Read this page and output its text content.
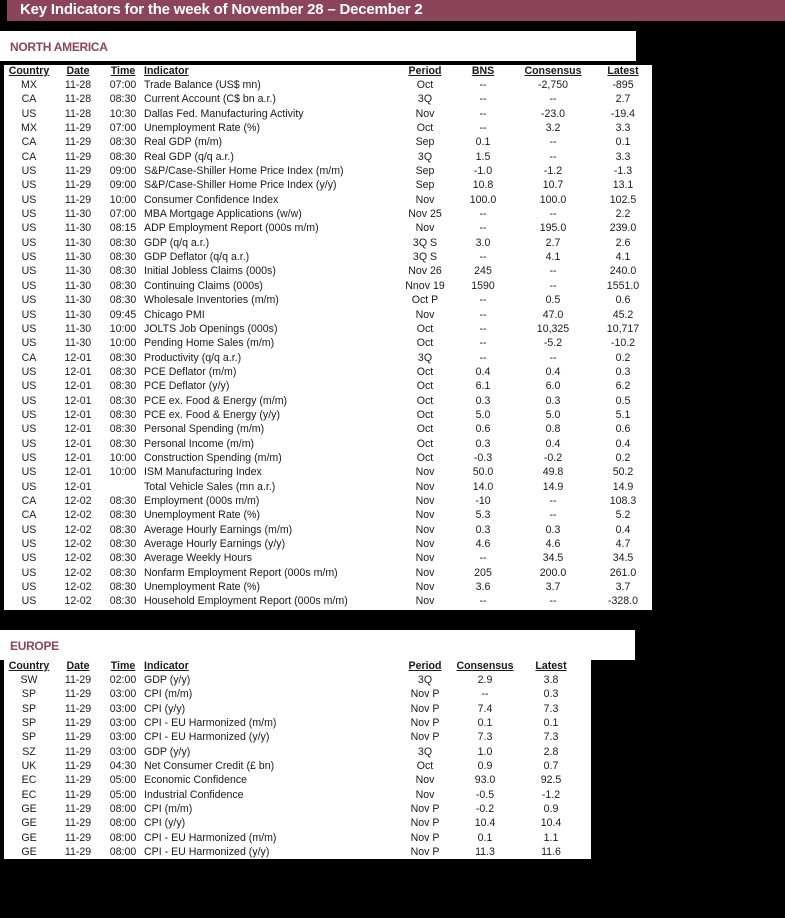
Key Indicators for the week of November 28 – December 2
NORTH AMERICA
Country	Date	Time	Indicator	Period	BNS	Consensus	Latest
MX	11-28	07:00	Trade Balance (US$ mn)	Oct	--	-2,750	-895
CA	11-28	08:30	Current Account (C$ bn a.r.)	3Q	--	--	2.7
US	11-28	10:30	Dallas Fed. Manufacturing Activity	Nov	--	-23.0	-19.4
MX	11-29	07:00	Unemployment Rate (%)	Oct	--	3.2	3.3
CA	11-29	08:30	Real GDP (m/m)	Sep	0.1	--	0.1
CA	11-29	08:30	Real GDP (q/q a.r.)	3Q	1.5	--	3.3
US	11-29	09:00	S&P/Case-Shiller Home Price Index (m/m)	Sep	-1.0	-1.2	-1.3
US	11-29	09:00	S&P/Case-Shiller Home Price Index (y/y)	Sep	10.8	10.7	13.1
US	11-29	10:00	Consumer Confidence Index	Nov	100.0	100.0	102.5
US	11-30	07:00	MBA Mortgage Applications (w/w)	Nov 25	--	--	2.2
US	11-30	08:15	ADP Employment Report (000s m/m)	Nov	--	195.0	239.0
US	11-30	08:30	GDP (q/q a.r.)	3Q S	3.0	2.7	2.6
US	11-30	08:30	GDP Deflator (q/q a.r.)	3Q S	--	4.1	4.1
US	11-30	08:30	Initial Jobless Claims (000s)	Nov 26	245	--	240.0
US	11-30	08:30	Continuing Claims (000s)	Nnov 19	1590	--	1551.0
US	11-30	08:30	Wholesale Inventories (m/m)	Oct P	--	0.5	0.6
US	11-30	09:45	Chicago PMI	Nov	--	47.0	45.2
US	11-30	10:00	JOLTS Job Openings (000s)	Oct	--	10,325	10,717
US	11-30	10:00	Pending Home Sales (m/m)	Oct	--	-5.2	-10.2
CA	12-01	08:30	Productivity (q/q a.r.)	3Q	--	--	0.2
US	12-01	08:30	PCE Deflator (m/m)	Oct	0.4	0.4	0.3
US	12-01	08:30	PCE Deflator (y/y)	Oct	6.1	6.0	6.2
US	12-01	08:30	PCE ex. Food & Energy (m/m)	Oct	0.3	0.3	0.5
US	12-01	08:30	PCE ex. Food & Energy (y/y)	Oct	5.0	5.0	5.1
US	12-01	08:30	Personal Spending (m/m)	Oct	0.6	0.8	0.6
US	12-01	08:30	Personal Income (m/m)	Oct	0.3	0.4	0.4
US	12-01	10:00	Construction Spending (m/m)	Oct	-0.3	-0.2	0.2
US	12-01	10:00	ISM Manufacturing Index	Nov	50.0	49.8	50.2
US	12-01		Total Vehicle Sales (mn a.r.)	Nov	14.0	14.9	14.9
CA	12-02	08:30	Employment (000s m/m)	Nov	-10	--	108.3
CA	12-02	08:30	Unemployment Rate (%)	Nov	5.3	--	5.2
US	12-02	08:30	Average Hourly Earnings (m/m)	Nov	0.3	0.3	0.4
US	12-02	08:30	Average Hourly Earnings (y/y)	Nov	4.6	4.6	4.7
US	12-02	08:30	Average Weekly Hours	Nov	--	34.5	34.5
US	12-02	08:30	Nonfarm Employment Report (000s m/m)	Nov	205	200.0	261.0
US	12-02	08:30	Unemployment Rate (%)	Nov	3.6	3.7	3.7
US	12-02	08:30	Household Employment Report (000s m/m)	Nov	--	--	-328.0
EUROPE
Country	Date	Time	Indicator	Period	Consensus	Latest
SW	11-29	02:00	GDP (y/y)	3Q	2.9	3.8
SP	11-29	03:00	CPI (m/m)	Nov P	--	0.3
SP	11-29	03:00	CPI (y/y)	Nov P	7.4	7.3
SP	11-29	03:00	CPI - EU Harmonized (m/m)	Nov P	0.1	0.1
SP	11-29	03:00	CPI - EU Harmonized (y/y)	Nov P	7.3	7.3
SZ	11-29	03:00	GDP (y/y)	3Q	1.0	2.8
UK	11-29	04:30	Net Consumer Credit (£ bn)	Oct	0.9	0.7
EC	11-29	05:00	Economic Confidence	Nov	93.0	92.5
EC	11-29	05:00	Industrial Confidence	Nov	-0.5	-1.2
GE	11-29	08:00	CPI (m/m)	Nov P	-0.2	0.9
GE	11-29	08:00	CPI (y/y)	Nov P	10.4	10.4
GE	11-29	08:00	CPI - EU Harmonized (m/m)	Nov P	0.1	1.1
GE	11-29	08:00	CPI - EU Harmonized (y/y)	Nov P	11.3	11.6
